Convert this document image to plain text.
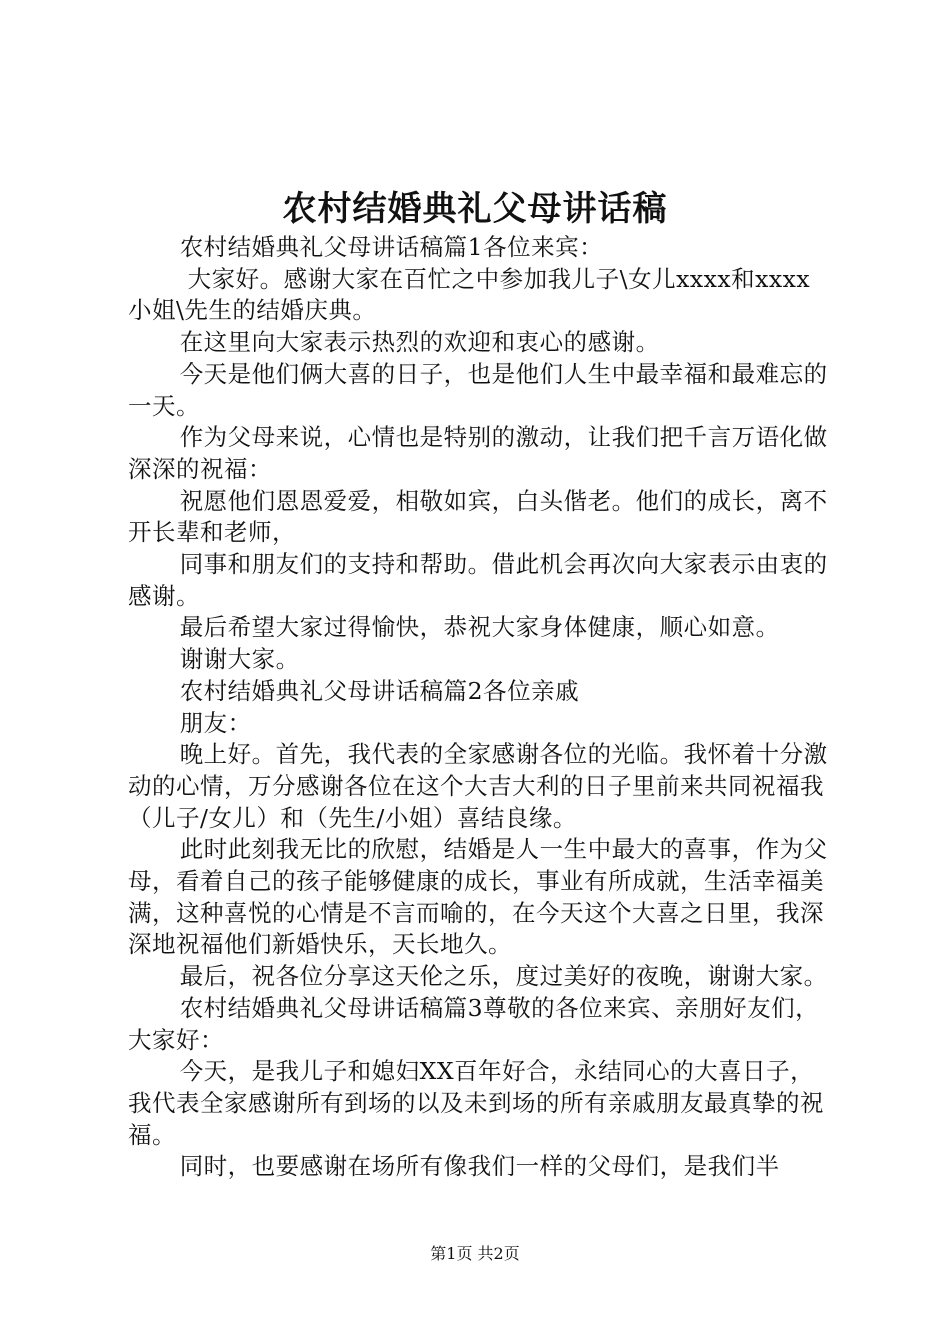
农村结婚典礼父母讲话稿

农村结婚典礼父母讲话稿篇1各位来宾：

大家好。感谢大家在百忙之中参加我儿子\女儿xxxx和xxxx小姐\先生的结婚庆典。

在这里向大家表示热烈的欢迎和衷心的感谢。

今天是他们俩大喜的日子，也是他们人生中最幸福和最难忘的一天。

作为父母来说，心情也是特别的激动，让我们把千言万语化做深深的祝福：

祝愿他们恩恩爱爱，相敬如宾，白头偕老。他们的成长，离不开长辈和老师，

同事和朋友们的支持和帮助。借此机会再次向大家表示由衷的感谢。

最后希望大家过得愉快，恭祝大家身体健康，顺心如意。

谢谢大家。

农村结婚典礼父母讲话稿篇2各位亲戚

朋友：

晚上好。首先，我代表的全家感谢各位的光临。我怀着十分激动的心情，万分感谢各位在这个大吉大利的日子里前来共同祝福我（儿子/女儿）和（先生/小姐）喜结良缘。

此时此刻我无比的欣慰，结婚是人一生中最大的喜事，作为父母，看着自己的孩子能够健康的成长，事业有所成就，生活幸福美满，这种喜悦的心情是不言而喻的，在今天这个大喜之日里，我深深地祝福他们新婚快乐，天长地久。

最后，祝各位分享这天伦之乐，度过美好的夜晚，谢谢大家。

农村结婚典礼父母讲话稿篇3尊敬的各位来宾、亲朋好友们，大家好：

今天，是我儿子和媳妇XX百年好合，永结同心的大喜日子，我代表全家感谢所有到场的以及未到场的所有亲戚朋友最真挚的祝福。

同时，也要感谢在场所有像我们一样的父母们，是我们半

第1页 共2页
